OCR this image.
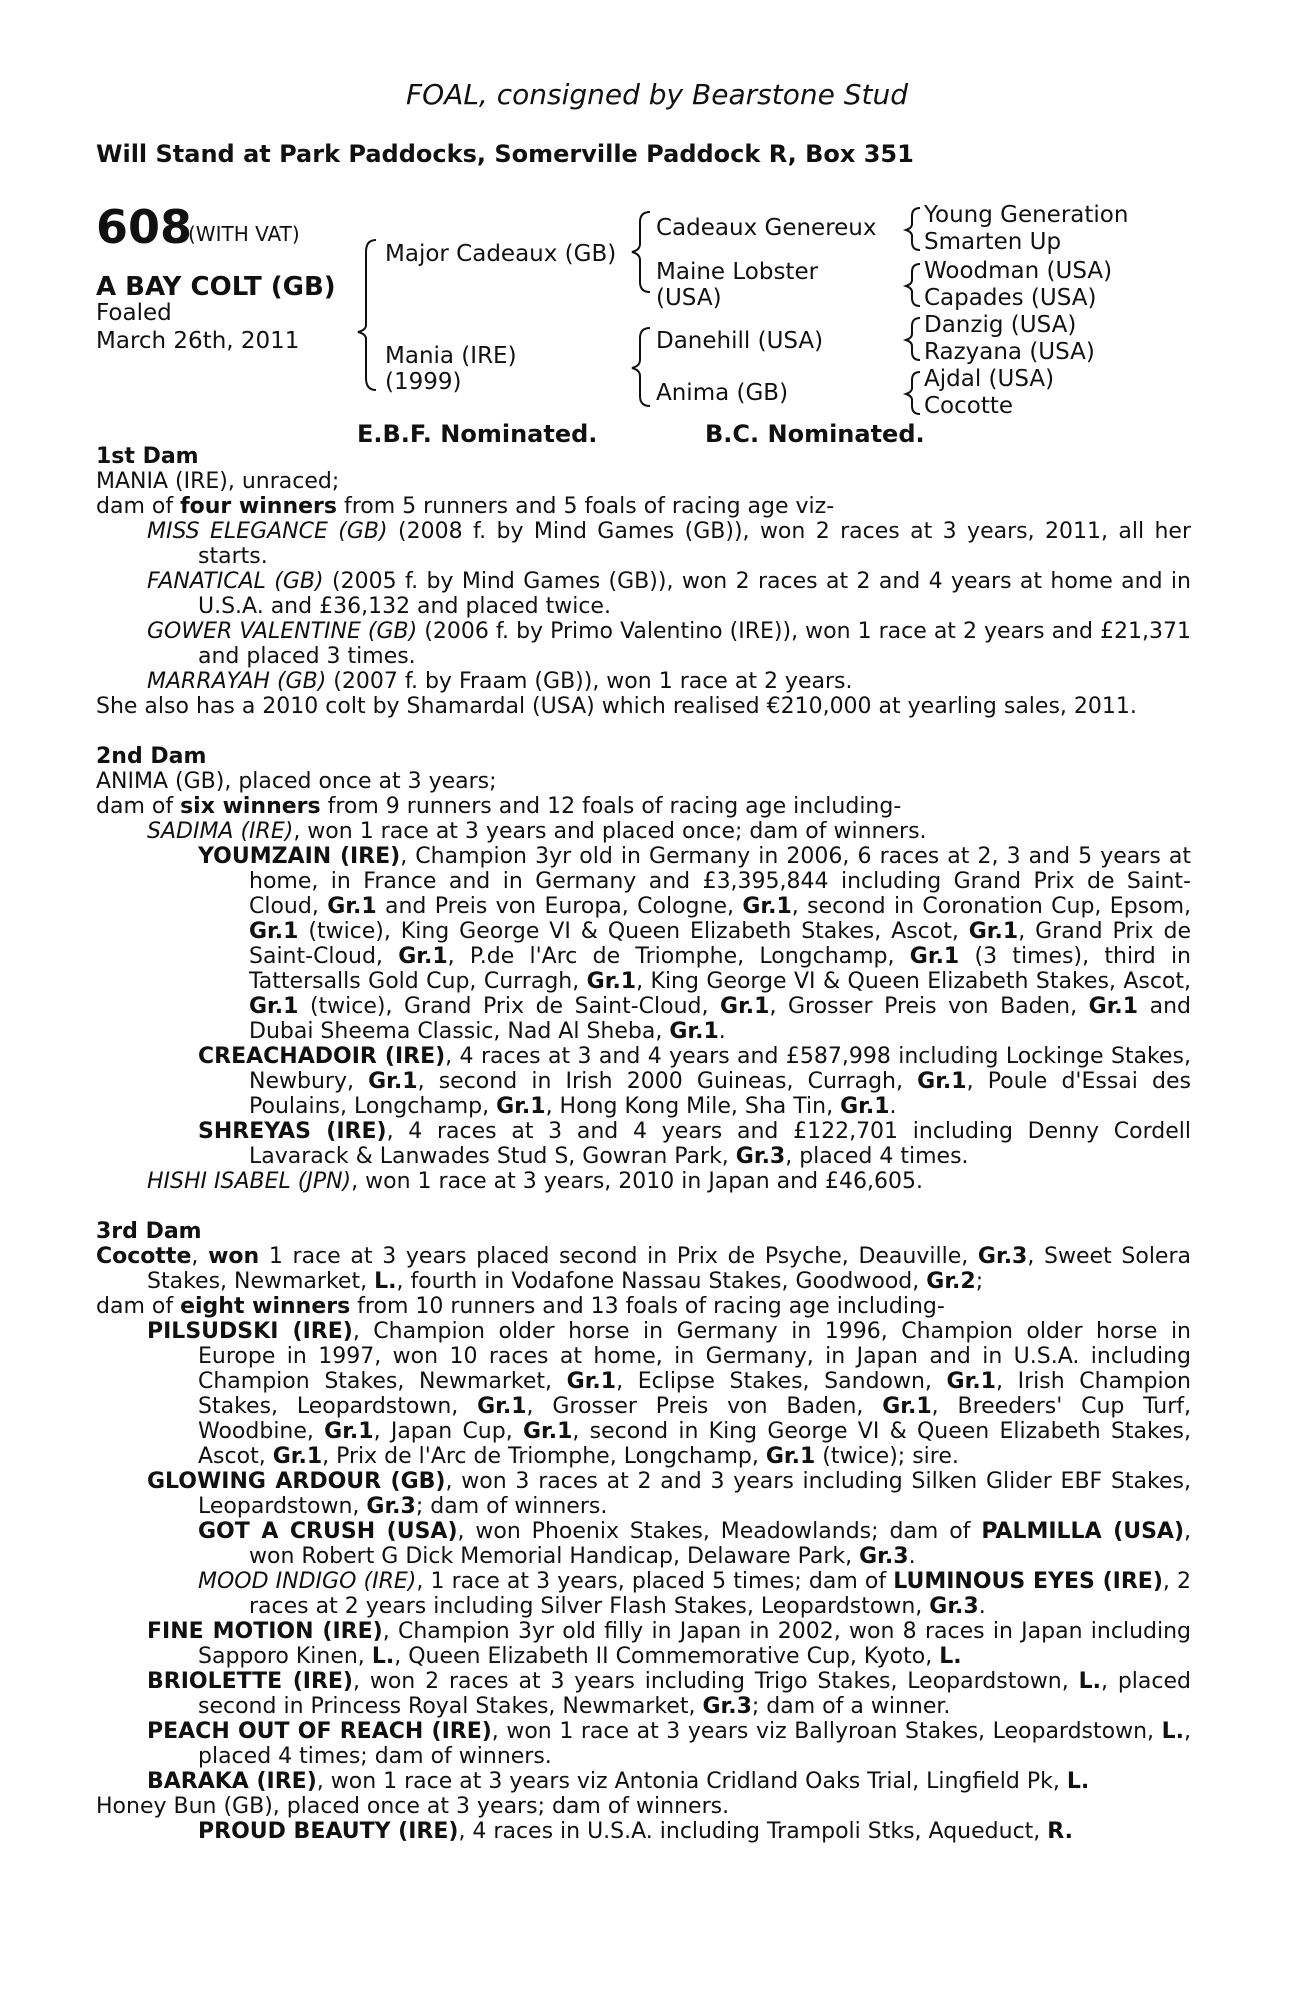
FOAL, consigned by Bearstone Stud
Will Stand at Park Paddocks, Somerville Paddock R, Box 351
608
(WITH VAT)
A BAY COLT (GB)
Foaled
March 26th, 2011
Major Cadeaux (GB)
Mania (IRE)
(1999)
Cadeaux Genereux
Maine Lobster
(USA)
Danehill (USA)
Anima (GB)
Young Generation
Smarten Up
Woodman (USA)
Capades (USA)
Danzig (USA)
Razyana (USA)
Ajdal (USA)
Cocotte
E.B.F. Nominated.	B.C. Nominated.

1st Dam

MANIA (IRE), unraced;

dam of four winners from 5 runners and 5 foals of racing age viz-

MISS ELEGANCE (GB) (2008 f. by Mind Games (GB)), won 2 races at 3 years, 2011, all her starts.

FANATICAL (GB) (2005 f. by Mind Games (GB)), won 2 races at 2 and 4 years at home and in U.S.A. and £36,132 and placed twice.

GOWER VALENTINE (GB) (2006 f. by Primo Valentino (IRE)), won 1 race at 2 years and £21,371 and placed 3 times.

MARRAYAH (GB) (2007 f. by Fraam (GB)), won 1 race at 2 years.

She also has a 2010 colt by Shamardal (USA) which realised €210,000 at yearling sales, 2011.

2nd Dam

ANIMA (GB), placed once at 3 years;

dam of six winners from 9 runners and 12 foals of racing age including-

SADIMA (IRE), won 1 race at 3 years and placed once; dam of winners.

YOUMZAIN (IRE), Champion 3yr old in Germany in 2006, 6 races at 2, 3 and 5 years at home, in France and in Germany and £3,395,844 including Grand Prix de Saint-Cloud, Gr.1 and Preis von Europa, Cologne, Gr.1, second in Coronation Cup, Epsom, Gr.1 (twice), King George VI & Queen Elizabeth Stakes, Ascot, Gr.1, Grand Prix de Saint-Cloud, Gr.1, P.de l'Arc de Triomphe, Longchamp, Gr.1 (3 times), third in Tattersalls Gold Cup, Curragh, Gr.1, King George VI & Queen Elizabeth Stakes, Ascot, Gr.1 (twice), Grand Prix de Saint-Cloud, Gr.1, Grosser Preis von Baden, Gr.1 and Dubai Sheema Classic, Nad Al Sheba, Gr.1.

CREACHADOIR (IRE), 4 races at 3 and 4 years and £587,998 including Lockinge Stakes, Newbury, Gr.1, second in Irish 2000 Guineas, Curragh, Gr.1, Poule d'Essai des Poulains, Longchamp, Gr.1, Hong Kong Mile, Sha Tin, Gr.1.

SHREYAS (IRE), 4 races at 3 and 4 years and £122,701 including Denny Cordell Lavarack & Lanwades Stud S, Gowran Park, Gr.3, placed 4 times.

HISHI ISABEL (JPN), won 1 race at 3 years, 2010 in Japan and £46,605.

3rd Dam

Cocotte, won 1 race at 3 years placed second in Prix de Psyche, Deauville, Gr.3, Sweet Solera Stakes, Newmarket, L., fourth in Vodafone Nassau Stakes, Goodwood, Gr.2;

dam of eight winners from 10 runners and 13 foals of racing age including-

PILSUDSKI (IRE), Champion older horse in Germany in 1996, Champion older horse in Europe in 1997, won 10 races at home, in Germany, in Japan and in U.S.A. including Champion Stakes, Newmarket, Gr.1, Eclipse Stakes, Sandown, Gr.1, Irish Champion Stakes, Leopardstown, Gr.1, Grosser Preis von Baden, Gr.1, Breeders' Cup Turf, Woodbine, Gr.1, Japan Cup, Gr.1, second in King George VI & Queen Elizabeth Stakes, Ascot, Gr.1, Prix de l'Arc de Triomphe, Longchamp, Gr.1 (twice); sire.

GLOWING ARDOUR (GB), won 3 races at 2 and 3 years including Silken Glider EBF Stakes, Leopardstown, Gr.3; dam of winners.

GOT A CRUSH (USA), won Phoenix Stakes, Meadowlands; dam of PALMILLA (USA), won Robert G Dick Memorial Handicap, Delaware Park, Gr.3.

MOOD INDIGO (IRE), 1 race at 3 years, placed 5 times; dam of LUMINOUS EYES (IRE), 2 races at 2 years including Silver Flash Stakes, Leopardstown, Gr.3.

FINE MOTION (IRE), Champion 3yr old filly in Japan in 2002, won 8 races in Japan including Sapporo Kinen, L., Queen Elizabeth II Commemorative Cup, Kyoto, L.

BRIOLETTE (IRE), won 2 races at 3 years including Trigo Stakes, Leopardstown, L., placed second in Princess Royal Stakes, Newmarket, Gr.3; dam of a winner.

PEACH OUT OF REACH (IRE), won 1 race at 3 years viz Ballyroan Stakes, Leopardstown, L., placed 4 times; dam of winners.

BARAKA (IRE), won 1 race at 3 years viz Antonia Cridland Oaks Trial, Lingfield Pk, L.

Honey Bun (GB), placed once at 3 years; dam of winners.

PROUD BEAUTY (IRE), 4 races in U.S.A. including Trampoli Stks, Aqueduct, R.
